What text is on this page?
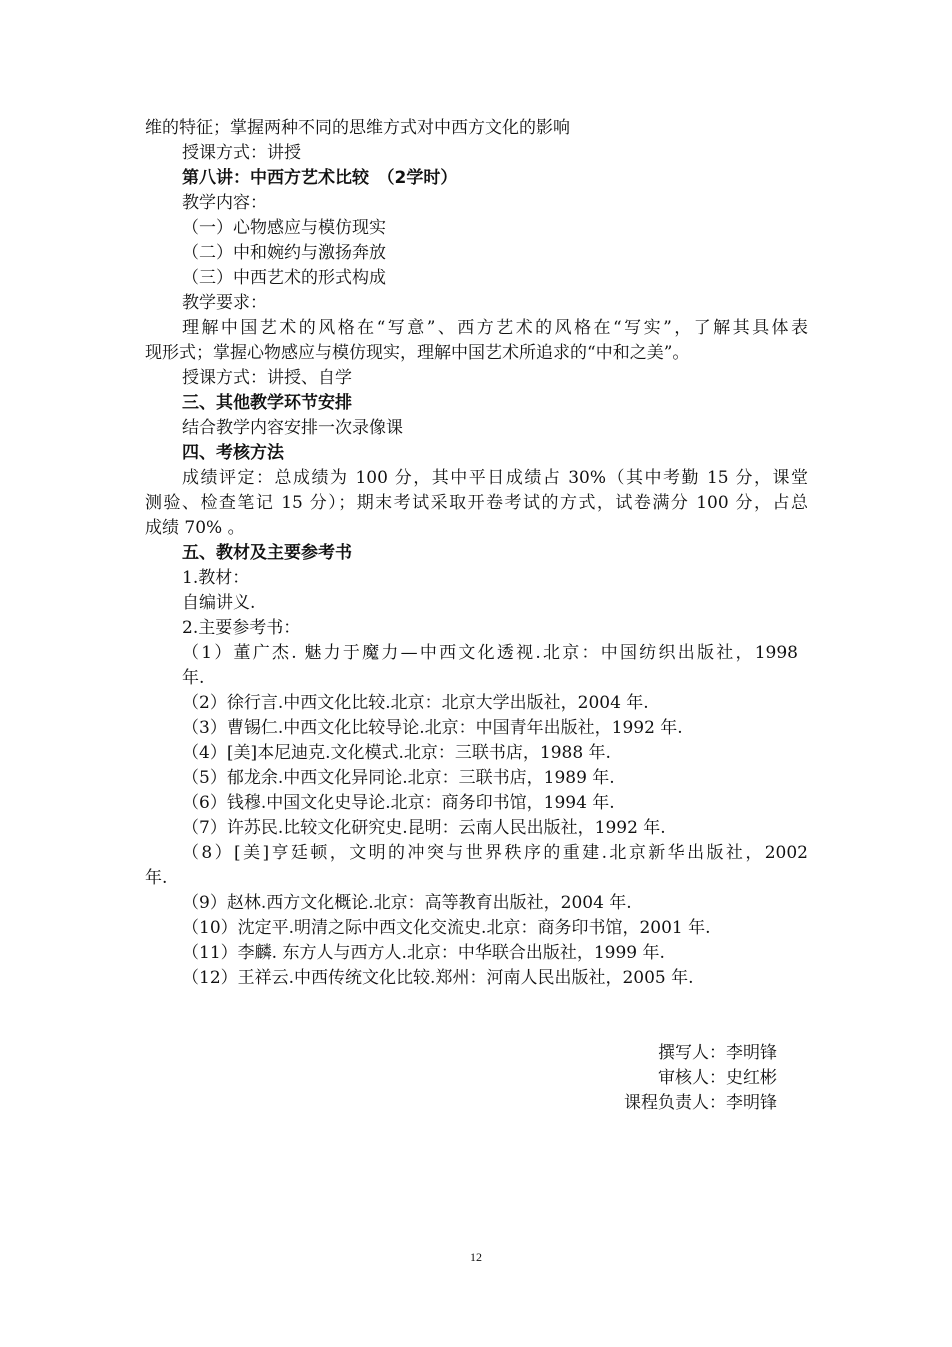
维的特征；掌握两种不同的思维方式对中西方文化的影响
授课方式：讲授
第八讲：中西方艺术比较　（2学时）
教学内容：
（一）心物感应与模仿现实
（二）中和婉约与激扬奔放
（三）中西艺术的形式构成
教学要求：
理解中国艺术的风格在“写意”、西方艺术的风格在“写实”，了解其具体表
现形式；掌握心物感应与模仿现实，理解中国艺术所追求的“中和之美”。
授课方式：讲授、自学
三、其他教学环节安排
结合教学内容安排一次录像课
四、考核方法
成绩评定：总成绩为 100 分，其中平日成绩占 30%（其中考勤 15 分，课堂
测验、检查笔记 15 分）；期末考试采取开卷考试的方式，试卷满分 100 分，占总
成绩 70% 。
五、教材及主要参考书
1.教材：
自编讲义.
2.主要参考书：
（1）董广杰. 魅力于魔力—中西文化透视.北京：中国纺织出版社，1998
年.
（2）徐行言.中西文化比较.北京：北京大学出版社，2004 年.
（3）曹锡仁.中西文化比较导论.北京：中国青年出版社，1992 年.
（4）[美]本尼迪克.文化模式.北京：三联书店，1988 年.
（5）郁龙余.中西文化异同论.北京：三联书店，1989 年.
（6）钱穆.中国文化史导论.北京：商务印书馆，1994 年.
（7）许苏民.比较文化研究史.昆明：云南人民出版社，1992 年.
（8）[美]亨廷顿，文明的冲突与世界秩序的重建.北京新华出版社，2002
年.
（9）赵林.西方文化概论.北京：高等教育出版社，2004 年.
（10）沈定平.明清之际中西文化交流史.北京：商务印书馆，2001 年.
（11）李麟. 东方人与西方人.北京：中华联合出版社，1999 年.
（12）王祥云.中西传统文化比较.郑州：河南人民出版社，2005 年.
撰写人：李明锋
审核人：史红彬
课程负责人：李明锋
12
